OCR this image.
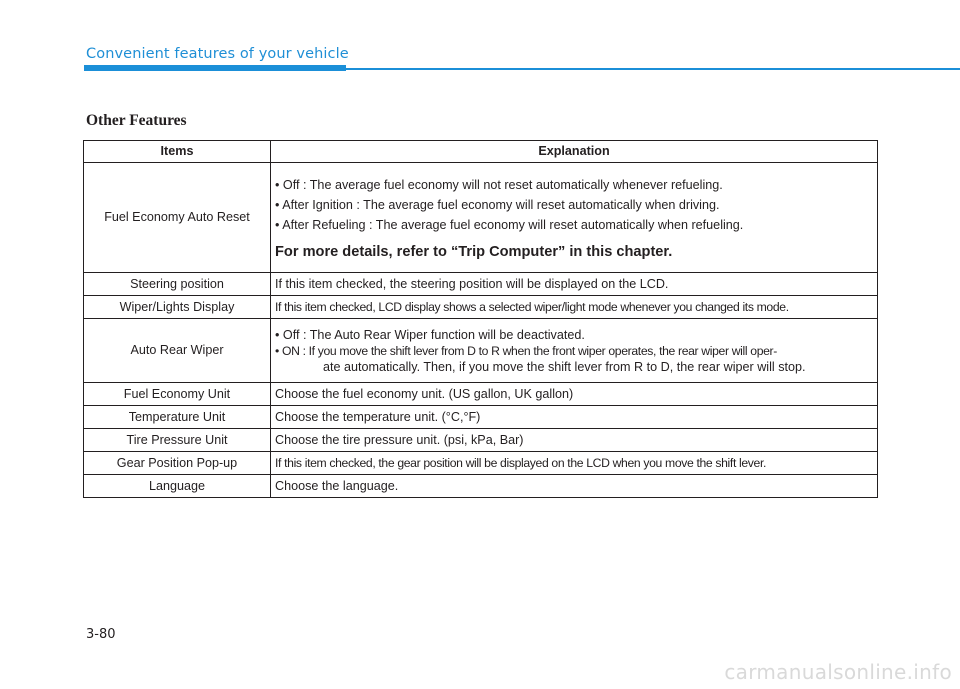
Convenient features of your vehicle
Other Features
Items	Explanation
Fuel Economy Auto Reset	• Off : The average fuel economy will not reset automatically whenever refueling.
• After Ignition : The average fuel economy will reset automatically when driving.
• After Refueling : The average fuel economy will reset automatically when refueling.
For more details, refer to “Trip Computer” in this chapter.

Steering position	If this item checked, the steering position will be displayed on the LCD.
Wiper/Lights Display	If this item checked, LCD display shows a selected wiper/light mode whenever you changed its mode.
Auto Rear Wiper	• Off : The Auto Rear Wiper function will be deactivated.
• ON : If you move the shift lever from D to R when the front wiper operates, the rear wiper will oper-
ate automatically. Then, if you move the shift lever from R to D, the rear wiper will stop.

Fuel Economy Unit	Choose the fuel economy unit. (US gallon, UK gallon)
Temperature Unit	Choose the temperature unit. (°C,°F)
Tire Pressure Unit	Choose the tire pressure unit. (psi, kPa, Bar)
Gear Position Pop-up	If this item checked, the gear position will be displayed on the LCD when you move the shift lever.
Language	Choose the language.
3-80
carmanualsonline.info
